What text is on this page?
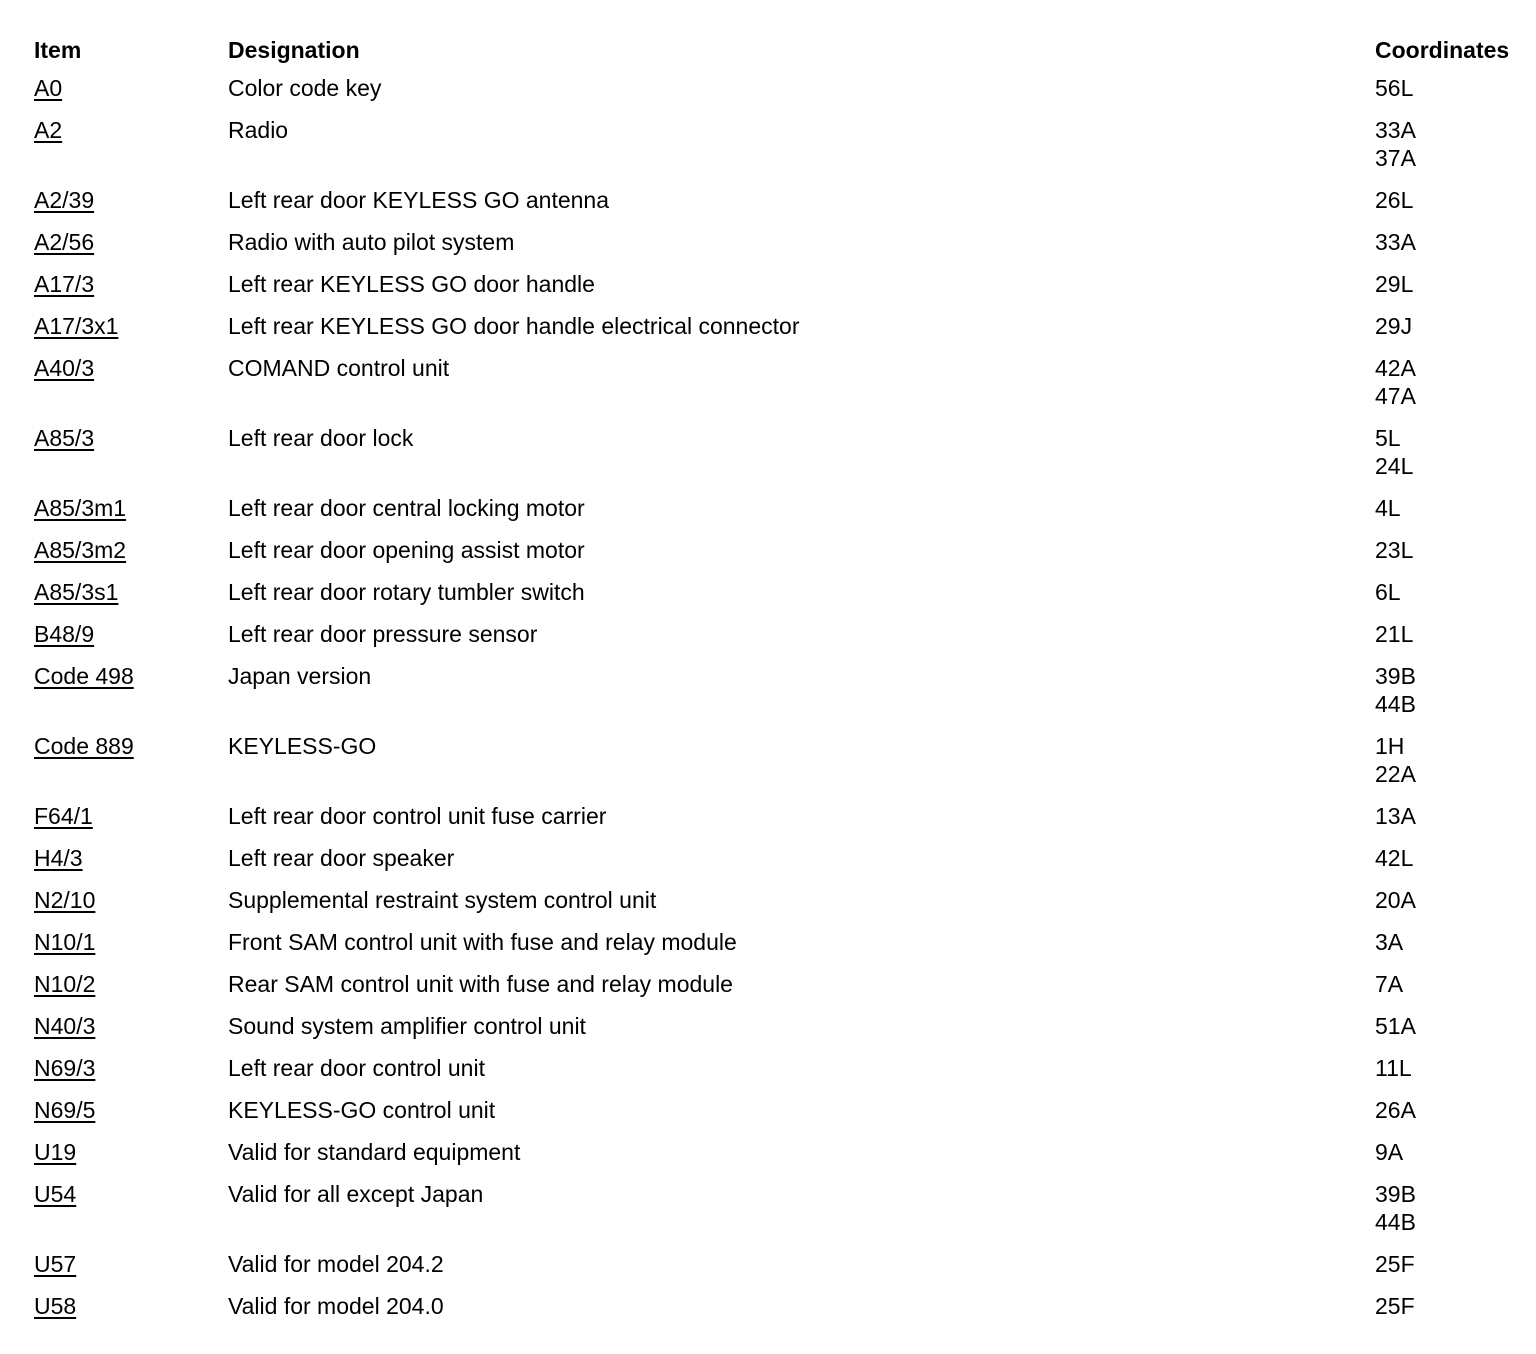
Item	Designation	Coordinates
A0	Color code key	56L
A2	Radio	33A
37A
A2/39	Left rear door KEYLESS GO antenna	26L
A2/56	Radio with auto pilot system	33A
A17/3	Left rear KEYLESS GO door handle	29L
A17/3x1	Left rear KEYLESS GO door handle electrical connector	29J
A40/3	COMAND control unit	42A
47A
A85/3	Left rear door lock	5L
24L
A85/3m1	Left rear door central locking motor	4L
A85/3m2	Left rear door opening assist motor	23L
A85/3s1	Left rear door rotary tumbler switch	6L
B48/9	Left rear door pressure sensor	21L
Code 498	Japan version	39B
44B
Code 889	KEYLESS-GO	1H
22A
F64/1	Left rear door control unit fuse carrier	13A
H4/3	Left rear door speaker	42L
N2/10	Supplemental restraint system control unit	20A
N10/1	Front SAM control unit with fuse and relay module	3A
N10/2	Rear SAM control unit with fuse and relay module	7A
N40/3	Sound system amplifier control unit	51A
N69/3	Left rear door control unit	11L
N69/5	KEYLESS-GO control unit	26A
U19	Valid for standard equipment	9A
U54	Valid for all except Japan	39B
44B
U57	Valid for model 204.2	25F
U58	Valid for model 204.0	25F
